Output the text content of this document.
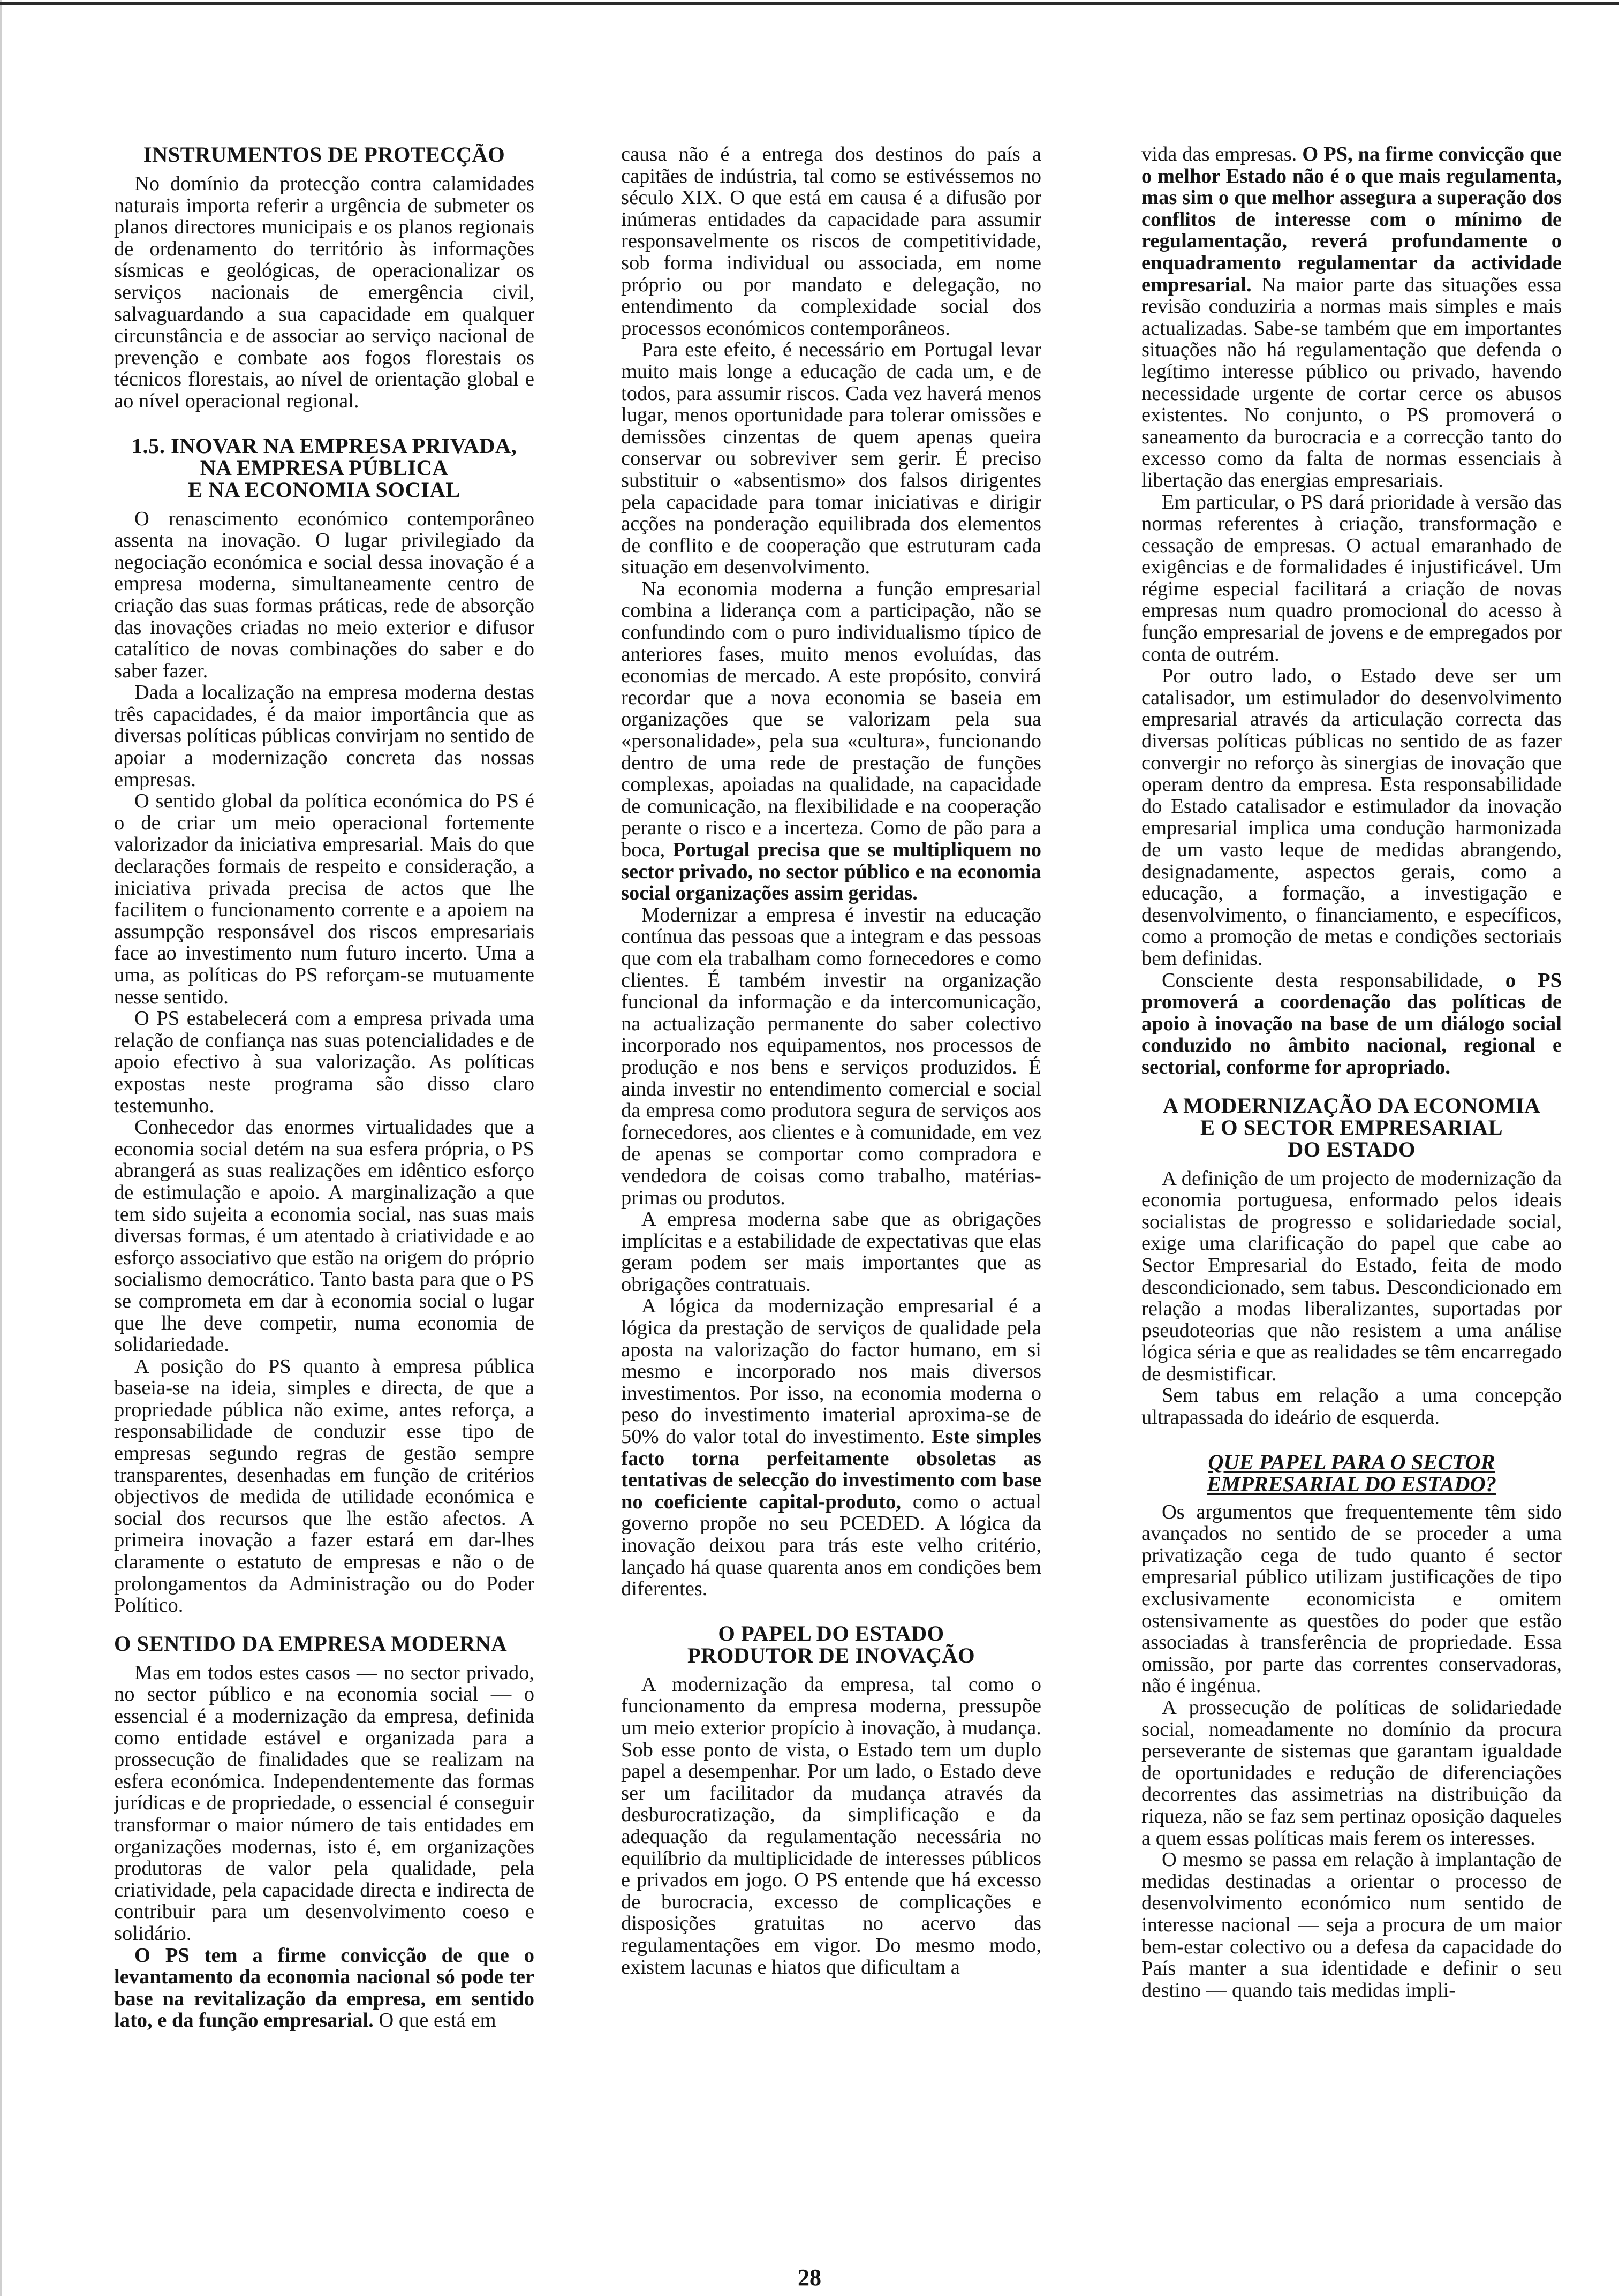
INSTRUMENTOS DE PROTECÇÃO

No domínio da protecção contra calamidades naturais importa referir a urgência de submeter os planos directores municipais e os planos regionais de ordenamento do território às informações sísmicas e geológicas, de operacionalizar os serviços nacionais de emergência civil, salvaguardando a sua capacidade em qualquer circunstância e de associar ao serviço nacional de prevenção e combate aos fogos florestais os técnicos florestais, ao nível de orientação global e ao nível operacional regional.

1.5. INOVAR NA EMPRESA PRIVADA,
NA EMPRESA PÚBLICA
E NA ECONOMIA SOCIAL

O renascimento económico contemporâneo assenta na inovação. O lugar privilegiado da negociação económica e social dessa inovação é a empresa moderna, simultaneamente centro de criação das suas formas práticas, rede de absorção das inovações criadas no meio exterior e difusor catalítico de novas combinações do saber e do saber fazer.

Dada a localização na empresa moderna destas três capacidades, é da maior importância que as diversas políticas públicas convirjam no sentido de apoiar a modernização concreta das nossas empresas.

O sentido global da política económica do PS é o de criar um meio operacional fortemente valorizador da iniciativa empresarial. Mais do que declarações formais de respeito e consideração, a iniciativa privada precisa de actos que lhe facilitem o funcionamento corrente e a apoiem na assumpção responsável dos riscos empresariais face ao investimento num futuro incerto. Uma a uma, as políticas do PS reforçam-se mutuamente nesse sentido.

O PS estabelecerá com a empresa privada uma relação de confiança nas suas potencialidades e de apoio efectivo à sua valorização. As políticas expostas neste programa são disso claro testemunho.

Conhecedor das enormes virtualidades que a economia social detém na sua esfera própria, o PS abrangerá as suas realizações em idêntico esforço de estimulação e apoio. A marginalização a que tem sido sujeita a economia social, nas suas mais diversas formas, é um atentado à criatividade e ao esforço associativo que estão na origem do próprio socialismo democrático. Tanto basta para que o PS se comprometa em dar à economia social o lugar que lhe deve competir, numa economia de solidariedade.

A posição do PS quanto à empresa pública baseia-se na ideia, simples e directa, de que a propriedade pública não exime, antes reforça, a responsabilidade de conduzir esse tipo de empresas segundo regras de gestão sempre transparentes, desenhadas em função de critérios objectivos de medida de utilidade económica e social dos recursos que lhe estão afectos. A primeira inovação a fazer estará em dar-lhes claramente o estatuto de empresas e não o de prolongamentos da Administração ou do Poder Político.

O SENTIDO DA EMPRESA MODERNA

Mas em todos estes casos — no sector privado, no sector público e na economia social — o essencial é a modernização da empresa, definida como entidade estável e organizada para a prossecução de finalidades que se realizam na esfera económica. Independentemente das formas jurídicas e de propriedade, o essencial é conseguir transformar o maior número de tais entidades em organizações modernas, isto é, em organizações produtoras de valor pela qualidade, pela criatividade, pela capacidade directa e indirecta de contribuir para um desenvolvimento coeso e solidário.

O PS tem a firme convicção de que o levantamento da economia nacional só pode ter base na revitalização da empresa, em sentido lato, e da função empresarial. O que está em

causa não é a entrega dos destinos do país a capitães de indústria, tal como se estivéssemos no século XIX. O que está em causa é a difusão por inúmeras entidades da capacidade para assumir responsavelmente os riscos de competitividade, sob forma individual ou associada, em nome próprio ou por mandato e delegação, no entendimento da complexidade social dos processos económicos contemporâneos.

Para este efeito, é necessário em Portugal levar muito mais longe a educação de cada um, e de todos, para assumir riscos. Cada vez haverá menos lugar, menos oportunidade para tolerar omissões e demissões cinzentas de quem apenas queira conservar ou sobreviver sem gerir. É preciso substituir o «absentismo» dos falsos dirigentes pela capacidade para tomar iniciativas e dirigir acções na ponderação equilibrada dos elementos de conflito e de cooperação que estruturam cada situação em desenvolvimento.

Na economia moderna a função empresarial combina a liderança com a participação, não se confundindo com o puro individualismo típico de anteriores fases, muito menos evoluídas, das economias de mercado. A este propósito, convirá recordar que a nova economia se baseia em organizações que se valorizam pela sua «personalidade», pela sua «cultura», funcionando dentro de uma rede de prestação de funções complexas, apoiadas na qualidade, na capacidade de comunicação, na flexibilidade e na cooperação perante o risco e a incerteza. Como de pão para a boca, Portugal precisa que se multipliquem no sector privado, no sector público e na economia social organizações assim geridas.

Modernizar a empresa é investir na educação contínua das pessoas que a integram e das pessoas que com ela trabalham como fornecedores e como clientes. É também investir na organização funcional da informação e da intercomunicação, na actualização permanente do saber colectivo incorporado nos equipamentos, nos processos de produção e nos bens e serviços produzidos. É ainda investir no entendimento comercial e social da empresa como produtora segura de serviços aos fornecedores, aos clientes e à comunidade, em vez de apenas se comportar como compradora e vendedora de coisas como trabalho, matérias-primas ou produtos.

A empresa moderna sabe que as obrigações implícitas e a estabilidade de expectativas que elas geram podem ser mais importantes que as obrigações contratuais.

A lógica da modernização empresarial é a lógica da prestação de serviços de qualidade pela aposta na valorização do factor humano, em si mesmo e incorporado nos mais diversos investimentos. Por isso, na economia moderna o peso do investimento imaterial aproxima-se de 50% do valor total do investimento. Este simples facto torna perfeitamente obsoletas as tentativas de selecção do investimento com base no coeficiente capital-produto, como o actual governo propõe no seu PCEDED. A lógica da inovação deixou para trás este velho critério, lançado há quase quarenta anos em condições bem diferentes.

O PAPEL DO ESTADO
PRODUTOR DE INOVAÇÃO

A modernização da empresa, tal como o funcionamento da empresa moderna, pressupõe um meio exterior propício à inovação, à mudança. Sob esse ponto de vista, o Estado tem um duplo papel a desempenhar. Por um lado, o Estado deve ser um facilitador da mudança através da desburocratização, da simplificação e da adequação da regulamentação necessária no equilíbrio da multiplicidade de interesses públicos e privados em jogo. O PS entende que há excesso de burocracia, excesso de complicações e disposições gratuitas no acervo das regulamentações em vigor. Do mesmo modo, existem lacunas e hiatos que dificultam a

vida das empresas. O PS, na firme convicção que o melhor Estado não é o que mais regulamenta, mas sim o que melhor assegura a superação dos conflitos de interesse com o mínimo de regulamentação, reverá profundamente o enquadramento regulamentar da actividade empresarial. Na maior parte das situações essa revisão conduziria a normas mais simples e mais actualizadas. Sabe-se também que em importantes situações não há regulamentação que defenda o legítimo interesse público ou privado, havendo necessidade urgente de cortar cerce os abusos existentes. No conjunto, o PS promoverá o saneamento da burocracia e a correcção tanto do excesso como da falta de normas essenciais à libertação das energias empresariais.

Em particular, o PS dará prioridade à versão das normas referentes à criação, transformação e cessação de empresas. O actual emaranhado de exigências e de formalidades é injustificável. Um régime especial facilitará a criação de novas empresas num quadro promocional do acesso à função empresarial de jovens e de empregados por conta de outrém.

Por outro lado, o Estado deve ser um catalisador, um estimulador do desenvolvimento empresarial através da articulação correcta das diversas políticas públicas no sentido de as fazer convergir no reforço às sinergias de inovação que operam dentro da empresa. Esta responsabilidade do Estado catalisador e estimulador da inovação empresarial implica uma condução harmonizada de um vasto leque de medidas abrangendo, designadamente, aspectos gerais, como a educação, a formação, a investigação e desenvolvimento, o financiamento, e específicos, como a promoção de metas e condições sectoriais bem definidas.

Consciente desta responsabilidade, o PS promoverá a coordenação das políticas de apoio à inovação na base de um diálogo social conduzido no âmbito nacional, regional e sectorial, conforme for apropriado.

A MODERNIZAÇÃO DA ECONOMIA
E O SECTOR EMPRESARIAL
DO ESTADO

A definição de um projecto de modernização da economia portuguesa, enformado pelos ideais socialistas de progresso e solidariedade social, exige uma clarificação do papel que cabe ao Sector Empresarial do Estado, feita de modo descondicionado, sem tabus. Descondicionado em relação a modas liberalizantes, suportadas por pseudoteorias que não resistem a uma análise lógica séria e que as realidades se têm encarregado de desmistificar.

Sem tabus em relação a uma concepção ultrapassada do ideário de esquerda.

QUE PAPEL PARA O SECTOR
EMPRESARIAL DO ESTADO?

Os argumentos que frequentemente têm sido avançados no sentido de se proceder a uma privatização cega de tudo quanto é sector empresarial público utilizam justificações de tipo exclusivamente economicista e omitem ostensivamente as questões do poder que estão associadas à transferência de propriedade. Essa omissão, por parte das correntes conservadoras, não é ingénua.

A prossecução de políticas de solidariedade social, nomeadamente no domínio da procura perseverante de sistemas que garantam igualdade de oportunidades e redução de diferenciações decorrentes das assimetrias na distribuição da riqueza, não se faz sem pertinaz oposição daqueles a quem essas políticas mais ferem os interesses.

O mesmo se passa em relação à implantação de medidas destinadas a orientar o processo de desenvolvimento económico num sentido de interesse nacional — seja a procura de um maior bem-estar colectivo ou a defesa da capacidade do País manter a sua identidade e definir o seu destino — quando tais medidas impli-

28
